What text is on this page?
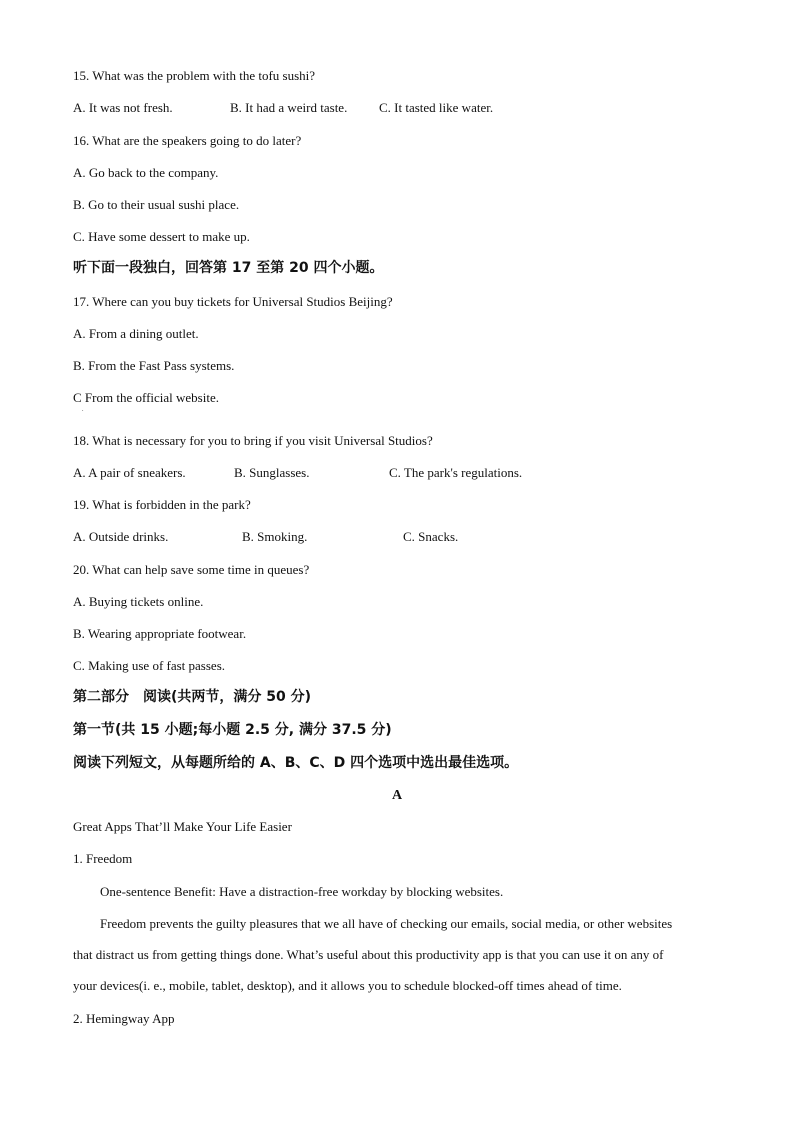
15. What was the problem with the tofu sushi?
A. It was not fresh.	B. It had a weird taste. C. It tasted like water.
16. What are the speakers going to do later?
A. Go back to the company.
B. Go to their usual sushi place.
C. Have some dessert to make up.
听下面一段独白，回答第 17 至第 20 四个小题。
17. Where can you buy tickets for Universal Studios Beijing?
A. From a dining outlet.
B. From the Fast Pass systems.
C From the official website.
.
18. What is necessary for you to bring if you visit Universal Studios?
A. A pair of sneakers.	B. Sunglasses.	C. The park's regulations.
19. What is forbidden in the park?
A. Outside drinks.	B. Smoking.	C. Snacks.
20. What can help save some time in queues?
A. Buying tickets online.
B. Wearing appropriate footwear.
C. Making use of fast passes.
第二部分　阅读(共两节，满分 50 分)
第一节(共 15 小题;每小题 2.5 分, 满分 37.5 分)
阅读下列短文，从每题所给的 A、B、C、D 四个选项中选出最佳选项。
A
Great Apps That’ll Make Your Life Easier
1. Freedom
One-sentence Benefit: Have a distraction-free workday by blocking websites.
Freedom prevents the guilty pleasures that we all have of checking our emails, social media, or other websites
that distract us from getting things done. What’s useful about this productivity app is that you can use it on any of
your devices(i. e., mobile, tablet, desktop), and it allows you to schedule blocked-off times ahead of time.
2. Hemingway App
